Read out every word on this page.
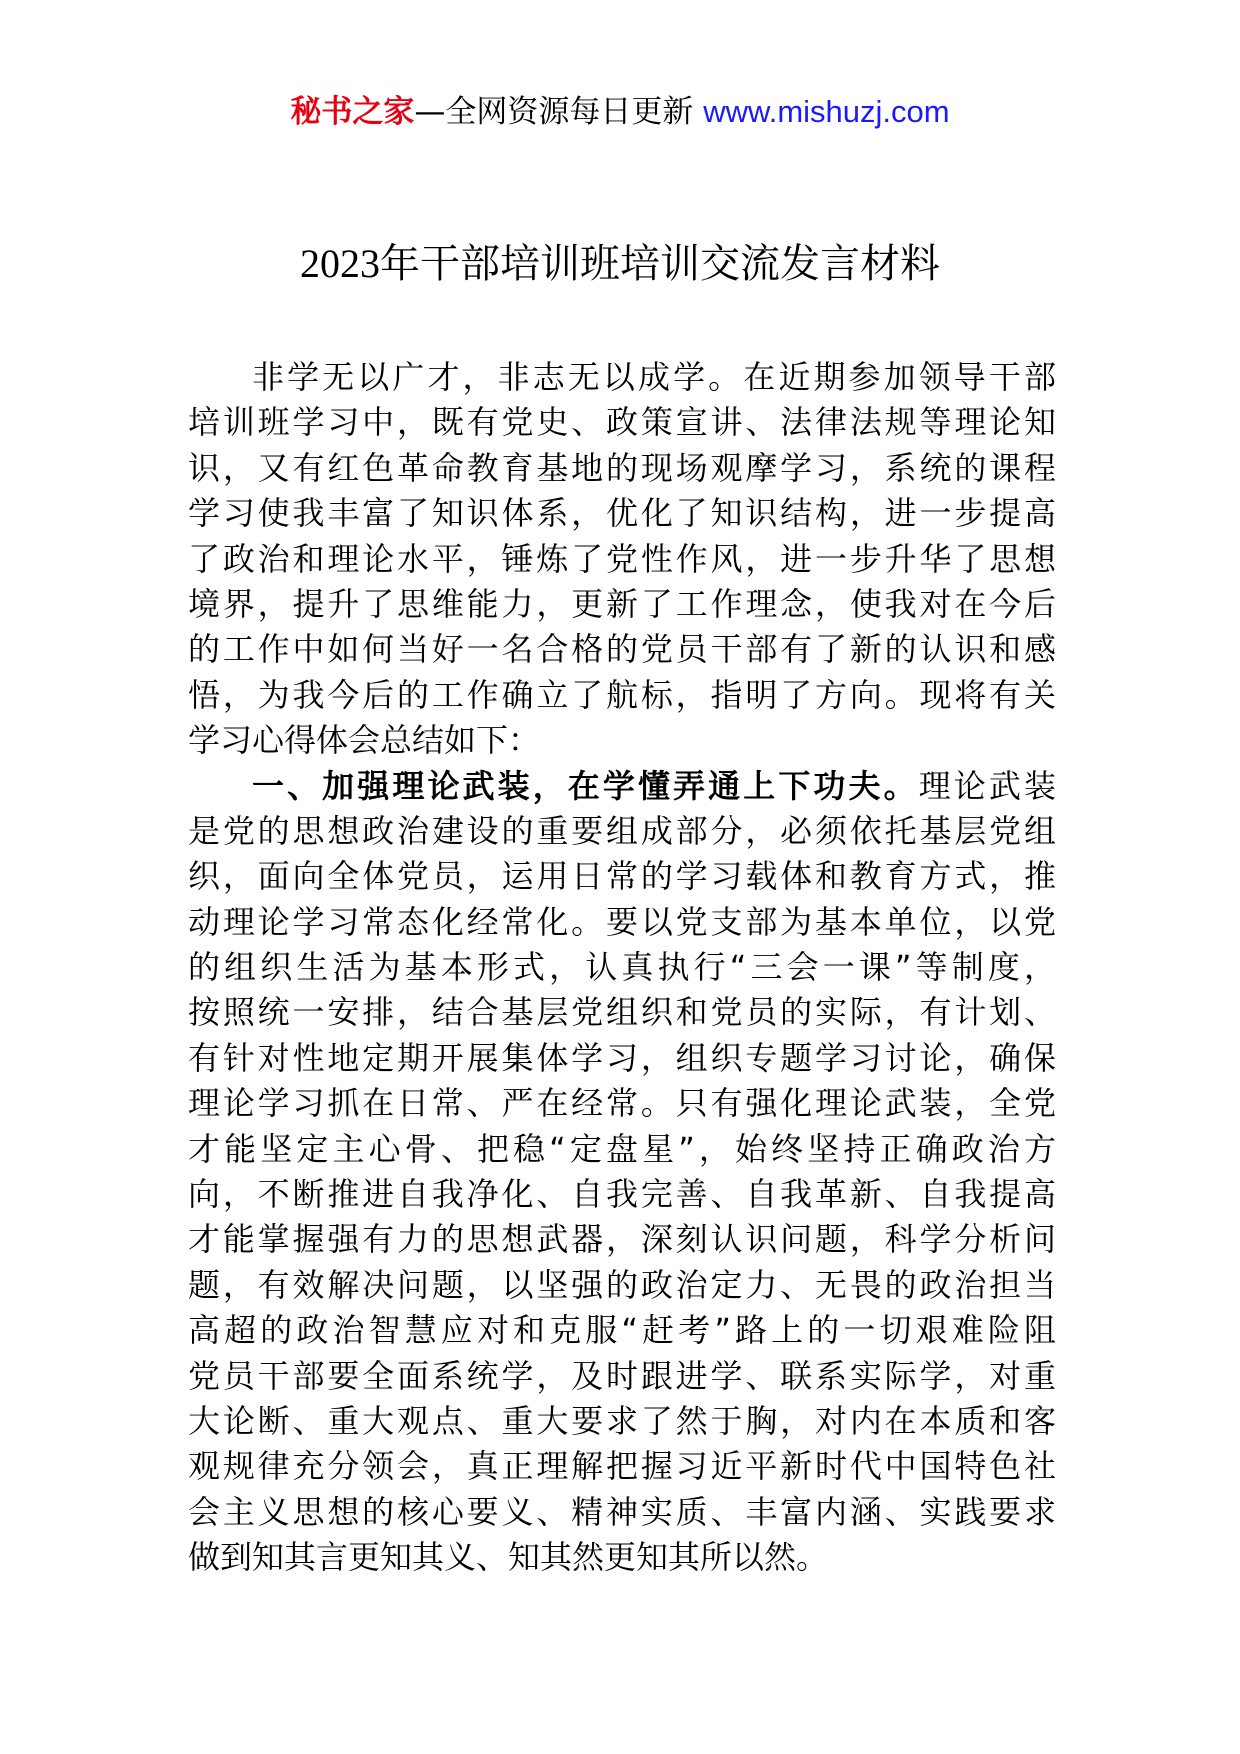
秘书之家—全网资源每日更新 www.mishuzj.com
2023年干部培训班培训交流发言材料
非学无以广才，非志无以成学。在近期参加领导干部
培训班学习中，既有党史、政策宣讲、法律法规等理论知
识，又有红色革命教育基地的现场观摩学习，系统的课程
学习使我丰富了知识体系，优化了知识结构，进一步提高
了政治和理论水平，锤炼了党性作风，进一步升华了思想
境界，提升了思维能力，更新了工作理念，使我对在今后
的工作中如何当好一名合格的党员干部有了新的认识和感
悟，为我今后的工作确立了航标，指明了方向。现将有关
学习心得体会总结如下：
一、加强理论武装，在学懂弄通上下功夫。理论武装
是党的思想政治建设的重要组成部分，必须依托基层党组
织，面向全体党员，运用日常的学习载体和教育方式，推
动理论学习常态化经常化。要以党支部为基本单位，以党
的组织生活为基本形式，认真执行“三会一课”等制度，
按照统一安排，结合基层党组织和党员的实际，有计划、
有针对性地定期开展集体学习，组织专题学习讨论，确保
理论学习抓在日常、严在经常。只有强化理论武装，全党
才能坚定主心骨、把稳“定盘星”，始终坚持正确政治方
向，不断推进自我净化、自我完善、自我革新、自我提高
才能掌握强有力的思想武器，深刻认识问题，科学分析问
题，有效解决问题，以坚强的政治定力、无畏的政治担当
高超的政治智慧应对和克服“赶考”路上的一切艰难险阻
党员干部要全面系统学，及时跟进学、联系实际学，对重
大论断、重大观点、重大要求了然于胸，对内在本质和客
观规律充分领会，真正理解把握习近平新时代中国特色社
会主义思想的核心要义、精神实质、丰富内涵、实践要求
做到知其言更知其义、知其然更知其所以然。
